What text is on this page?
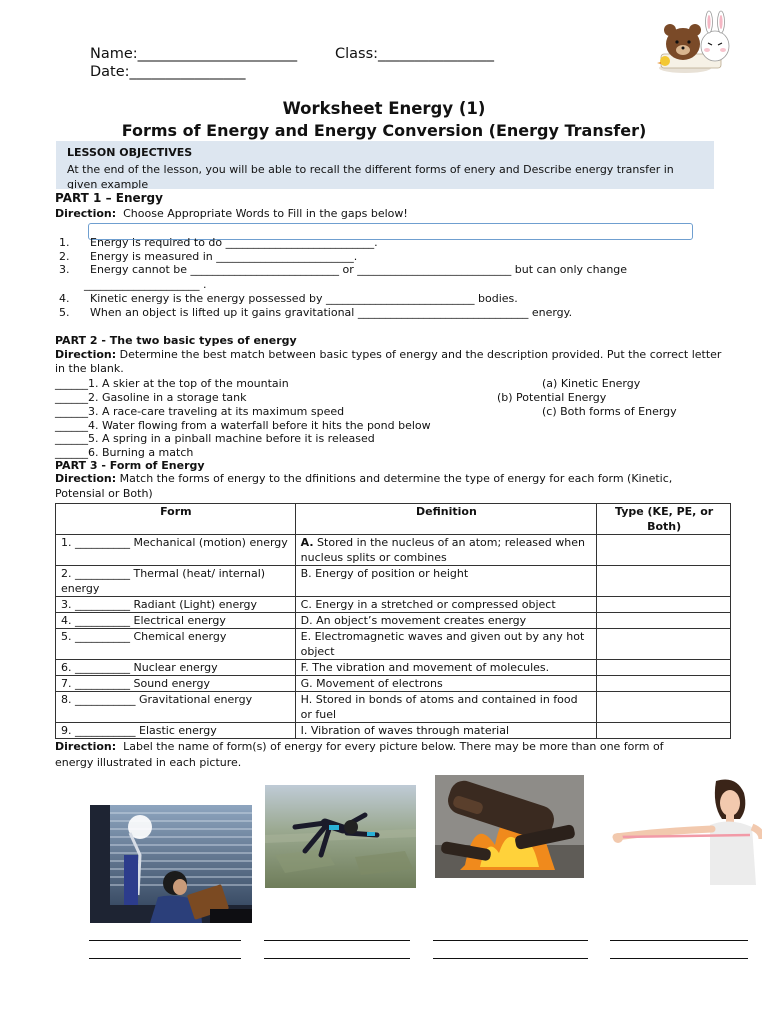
Name:______________________	Class:________________
Date:________________
Worksheet Energy (1)
Forms of Energy and Energy Conversion (Energy Transfer)
LESSON OBJECTIVES
At the end of the lesson, you will be able to recall the different forms of enery and Describe energy transfer in given example
PART 1 – Energy
Direction: Choose Appropriate Words to Fill in the gaps below!
1. Energy is required to do ___________________________.
2. Energy is measured in _________________________.
3. Energy cannot be ___________________________ or ____________________________ but can only change
_____________________ .
4. Kinetic energy is the energy possessed by ___________________________ bodies.
5. When an object is lifted up it gains gravitational _______________________________ energy.
PART 2 - The two basic types of energy
Direction: Determine the best match between basic types of energy and the description provided. Put the correct letter
in the blank.
______1. A skier at the top of the mountain
______2. Gasoline in a storage tank
______3. A race-care traveling at its maximum speed
______4. Water flowing from a waterfall before it hits the pond below
______5. A spring in a pinball machine before it is released
______6. Burning a match
(a) Kinetic Energy
(b) Potential Energy
(c) Both forms of Energy
PART 3 - Form of Energy
Direction: Match the forms of energy to the dfinitions and determine the type of energy for each form (Kinetic,
Potensial or Both)
Form	Definition	Type (KE, PE, or Both)
1. __________ Mechanical (motion) energy	A. Stored in the nucleus of an atom; released when nucleus splits or combines	
2. __________ Thermal (heat/ internal) energy	B. Energy of position or height	
3. __________ Radiant (Light) energy	C. Energy in a stretched or compressed object	
4. __________ Electrical energy	D. An object’s movement creates energy	
5. __________ Chemical energy	E. Electromagnetic waves and given out by any hot object	
6. __________ Nuclear energy	F. The vibration and movement of molecules.	
7. __________ Sound energy	G. Movement of electrons	
8. ___________ Gravitational energy	H. Stored in bonds of atoms and contained in food or fuel	
9. ___________ Elastic energy	I. Vibration of waves through material	
Direction: Label the name of form(s) of energy for every picture below. There may be more than one form of
energy illustrated in each picture.
